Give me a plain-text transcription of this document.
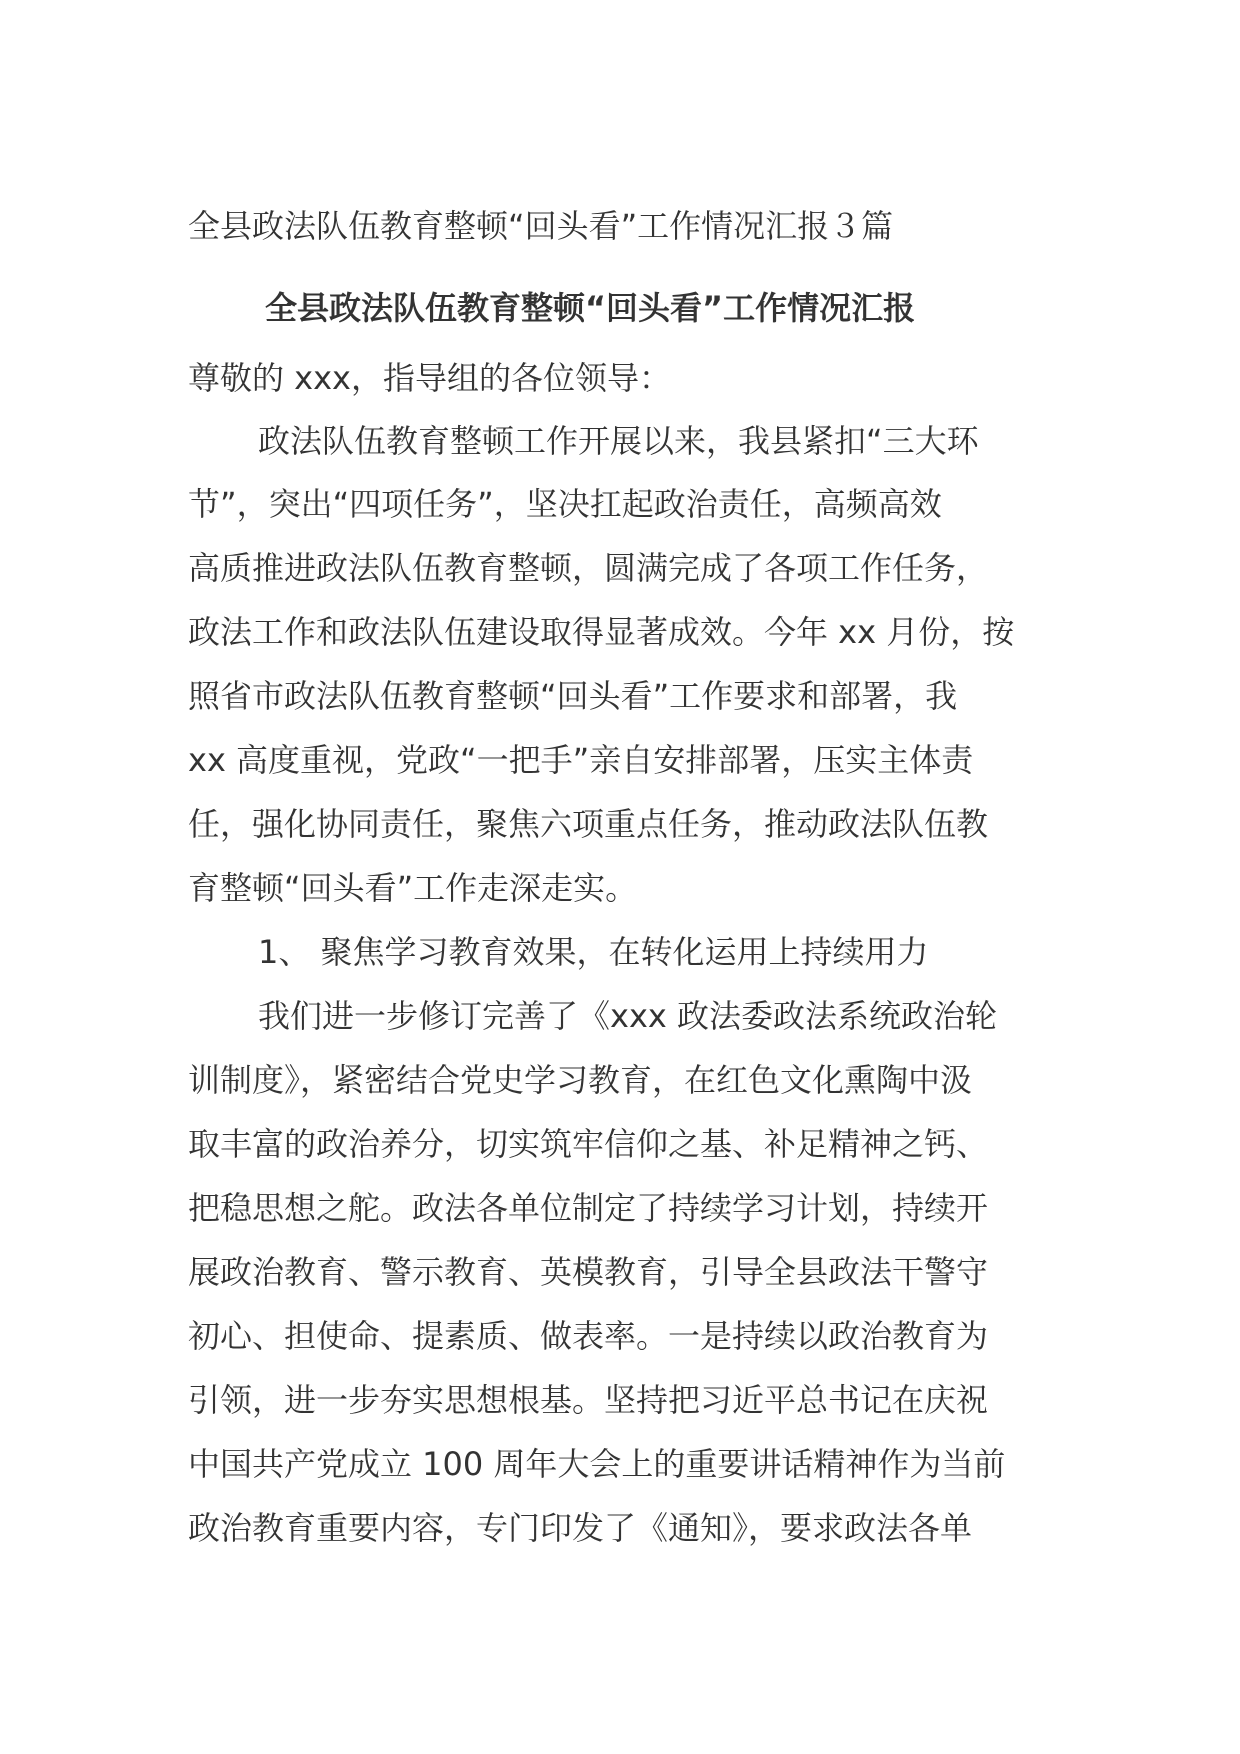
全县政法队伍教育整顿“回头看”工作情况汇报３篇
全县政法队伍教育整顿“回头看”工作情况汇报
尊敬的 xxx，指导组的各位领导：
政法队伍教育整顿工作开展以来，我县紧扣“三大环
节”，突出“四项任务”，坚决扛起政治责任，高频高效
高质推进政法队伍教育整顿，圆满完成了各项工作任务，
政法工作和政法队伍建设取得显著成效。今年 xx 月份，按
照省市政法队伍教育整顿“回头看”工作要求和部署，我
xx 高度重视，党政“一把手”亲自安排部署，压实主体责
任，强化协同责任，聚焦六项重点任务，推动政法队伍教
育整顿“回头看”工作走深走实。
1、 聚焦学习教育效果，在转化运用上持续用力
我们进一步修订完善了《xxx 政法委政法系统政治轮
训制度》，紧密结合党史学习教育，在红色文化熏陶中汲
取丰富的政治养分，切实筑牢信仰之基、补足精神之钙、
把稳思想之舵。政法各单位制定了持续学习计划，持续开
展政治教育、警示教育、英模教育，引导全县政法干警守
初心、担使命、提素质、做表率。一是持续以政治教育为
引领，进一步夯实思想根基。坚持把习近平总书记在庆祝
中国共产党成立 100 周年大会上的重要讲话精神作为当前
政治教育重要内容，专门印发了《通知》，要求政法各单
